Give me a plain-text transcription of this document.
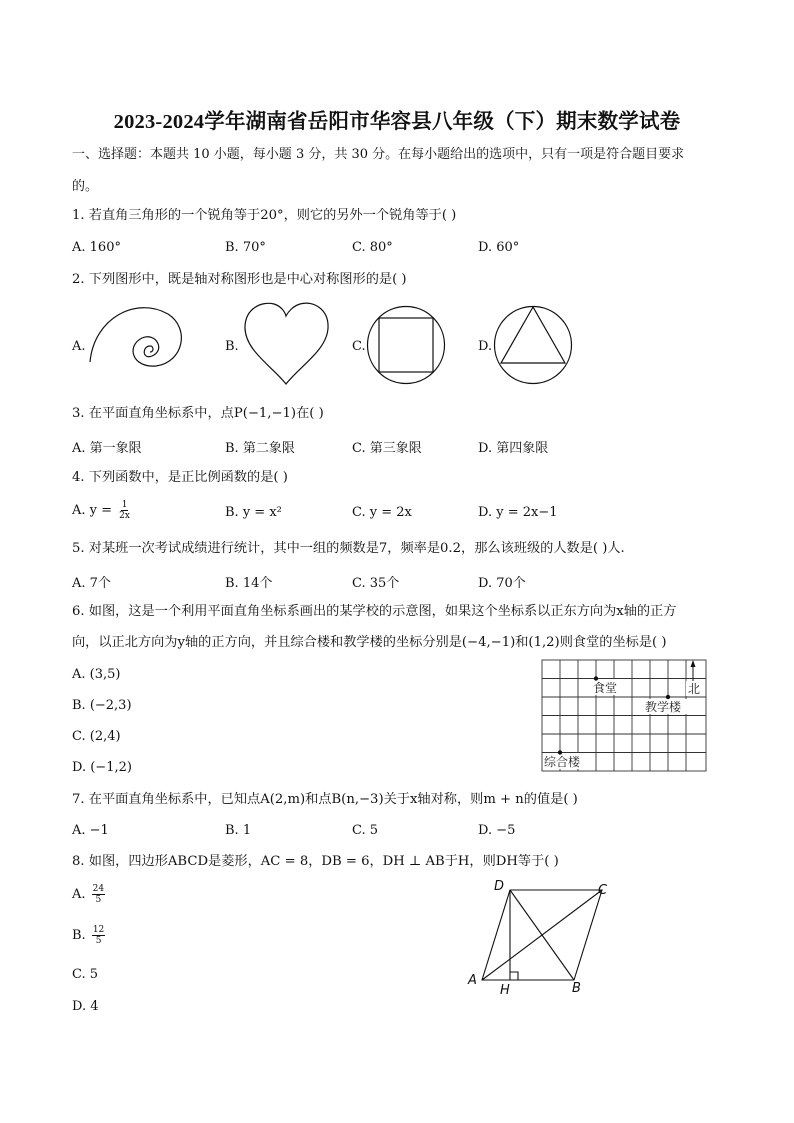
2023-2024学年湖南省岳阳市华容县八年级（下）期末数学试卷
一、选择题：本题共 10 小题，每小题 3 分，共 30 分。在每小题给出的选项中，只有一项是符合题目要求
的。
1. 若直角三角形的一个锐角等于20°，则它的另外一个锐角等于( )
A. 160°	B. 70°	C. 80°	D. 60°
2. 下列图形中，既是轴对称图形也是中心对称图形的是( )
A.	B.	C.	D.
3. 在平面直角坐标系中，点P(−1,−1)在( )
A. 第一象限	B. 第二象限	C. 第三象限	D. 第四象限
4. 下列函数中，是正比例函数的是( )
A. $y = \frac{1}{2x}$	B. y = x²	C. y = 2x	D. y = 2x−1
5. 对某班一次考试成绩进行统计，其中一组的频数是7，频率是0.2，那么该班级的人数是( )人.
A. 7个	B. 14个	C. 35个	D. 70个
6. 如图，这是一个利用平面直角坐标系画出的某学校的示意图，如果这个坐标系以正东方向为x轴的正方
向，以正北方向为y轴的正方向，并且综合楼和教学楼的坐标分别是(−4,−1)和(1,2)则食堂的坐标是( )
A. (3,5)
B. (−2,3)
C. (2,4)
D. (−1,2)
食堂
教学楼
综合楼
北
7. 在平面直角坐标系中，已知点A(2,m)和点B(n,−3)关于x轴对称，则m + n的值是( )
A. −1	B. 1	C. 5	D. −5
8. 如图，四边形ABCD是菱形，AC = 8，DB = 6，DH ⊥ AB于H，则DH等于( )
A. $\frac{24}{5}$
B. $\frac{12}{5}$
C. 5
D. 4
A
D	C
B
H
